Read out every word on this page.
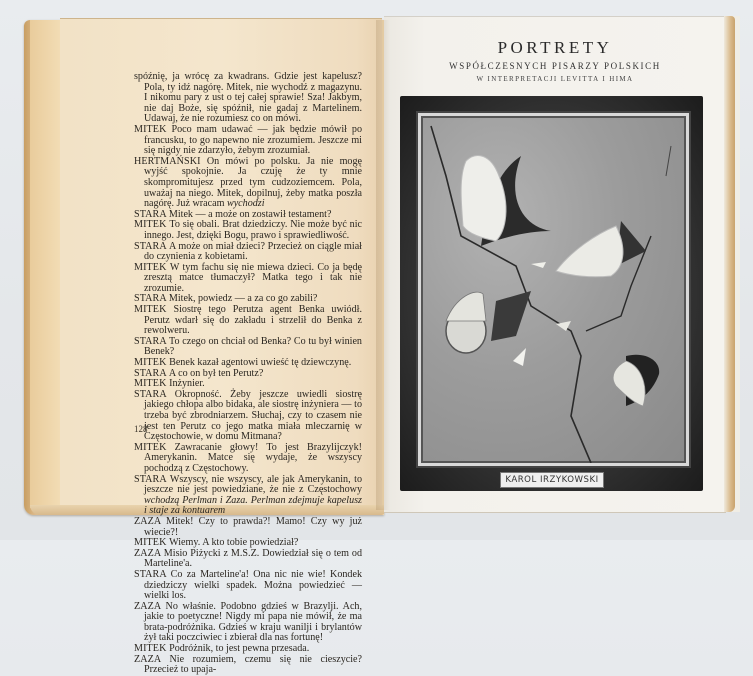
spóźnię, ja wrócę za kwadrans. Gdzie jest kapelusz? Pola, ty idź nagórę. Mitek, nie wychodź z magazynu. I nikomu pary z ust o tej całej sprawie! Sza! Jakbym, nie daj Boże, się spóźnił, nie gadaj z Martelinem. Udawaj, że nie rozumiesz co on mówi.

MITEK Poco mam udawać — jak będzie mówił po francusku, to go napewno nie zrozumiem. Jeszcze mi się nigdy nie zdarzyło, żebym zrozumiał.

HERTMAŃSKI On mówi po polsku. Ja nie mogę wyjść spokojnie. Ja czuję że ty mnie skompromitujesz przed tym cudzoziemcem. Pola, uważaj na niego. Mitek, dopilnuj, żeby matka poszła nagórę. Już wracam wychodzi

STARA Mitek — a może on zostawił testament?

MITEK To się obali. Brat dziedziczy. Nie może być nic innego. Jest, dzięki Bogu, prawo i sprawiedliwość.

STARA A może on miał dzieci? Przecież on ciągle miał do czynienia z kobietami.

MITEK W tym fachu się nie miewa dzieci. Co ja będę zresztą matce tłumaczył? Matka tego i tak nie zrozumie.

STARA Mitek, powiedz — a za co go zabili?

MITEK Siostrę tego Perutza agent Benka uwiódł. Perutz wdarł się do zakładu i strzelił do Benka z rewolweru.

STARA To czego on chciał od Benka? Co tu był winien Benek?

MITEK Benek kazał agentowi uwieść tę dziewczynę.

STARA A co on był ten Perutz?

MITEK Inżynier.

STARA Okropność. Żeby jeszcze uwiedli siostrę jakiego chłopa albo bidaka, ale siostrę inżyniera — to trzeba być zbrodniarzem. Słuchaj, czy to czasem nie jest ten Perutz co jego matka miała mleczarnię w Częstochowie, w domu Mitmana?

MITEK Zawracanie głowy! To jest Brazylijczyk! Amerykanin. Matce się wydaje, że wszyscy pochodzą z Częstochowy.

STARA Wszyscy, nie wszyscy, ale jak Amerykanin, to jeszcze nie jest powiedziane, że nie z Częstochowy wchodzą Perlman i Zaza. Perlman zdejmuje kapelusz i staje za kontuarem

ZAZA Mitek! Czy to prawda?! Mamo! Czy wy już wiecie?!

MITEK Wiemy. A kto tobie powiedział?

ZAZA Misio Piżycki z M.S.Z. Dowiedział się o tem od Marteline'a.

STARA Co za Marteline'a! Ona nic nie wie! Kondek dziedziczy wielki spadek. Można powiedzieć — wielki los.

ZAZA No właśnie. Podobno gdzieś w Brazylji. Ach, jakie to poetyczne! Nigdy mi papa nie mówił, że ma brata-podróżnika. Gdzieś w kraju wanilji i brylantów żył taki poczciwiec i zbierał dla nas fortunę!

MITEK Podróżnik, to jest pewna przesada.

ZAZA Nie rozumiem, czemu się nie cieszycie? Przecież to upaja-

128
PORTRETY
WSPÓŁCZESNYCH PISARZY POLSKICH
W INTERPRETACJI LEVITTA I HIMA
KAROL IRZYKOWSKI
